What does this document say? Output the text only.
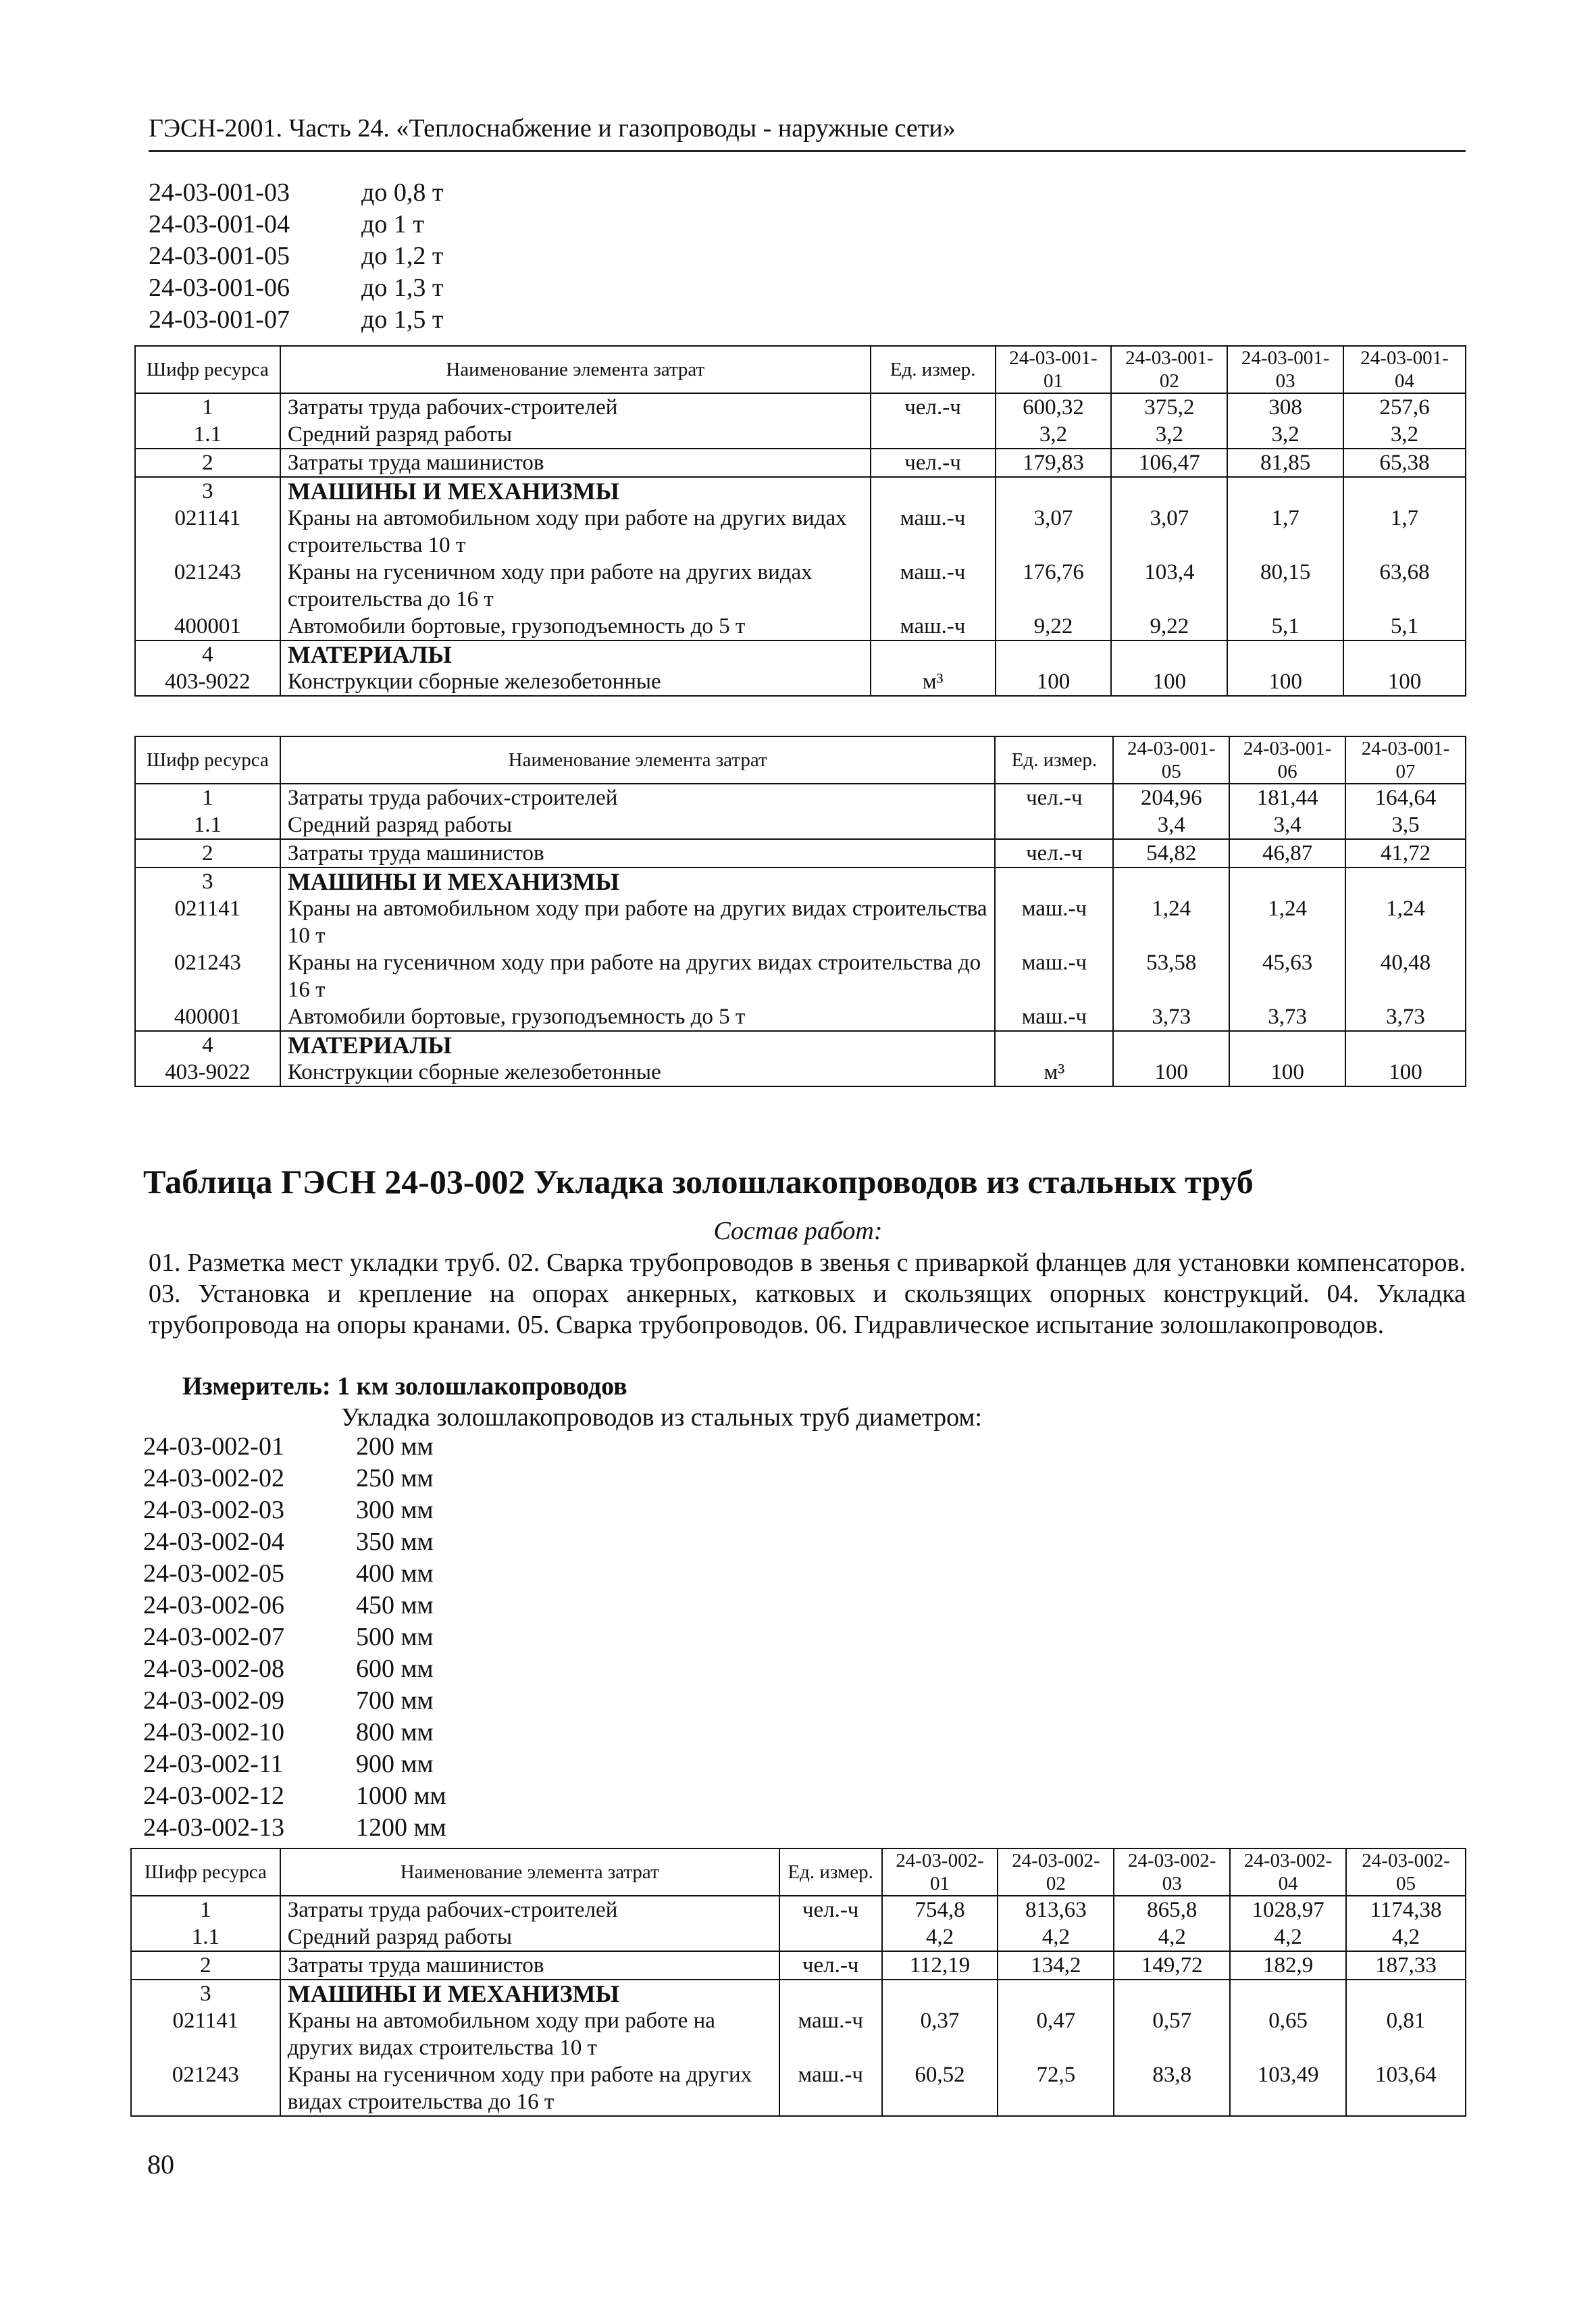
ГЭСН-2001. Часть 24. «Теплоснабжение и газопроводы - наружные сети»
24-03-001-03	до 0,8 т
24-03-001-04	до 1 т
24-03-001-05	до 1,2 т
24-03-001-06	до 1,3 т
24-03-001-07	до 1,5 т
Шифр ресурса	Наименование элемента затрат	Ед. измер.	24-03-001-01	24-03-001-02	24-03-001-03	24-03-001-04
1	Затраты труда рабочих-строителей	чел.-ч	600,32	375,2	308	257,6
1.1	Средний разряд работы		3,2	3,2	3,2	3,2
2	Затраты труда машинистов	чел.-ч	179,83	106,47	81,85	65,38
3	МАШИНЫ И МЕХАНИЗМЫ					
021141	Краны на автомобильном ходу при работе на других видах строительства 10 т	маш.-ч	3,07	3,07	1,7	1,7
021243	Краны на гусеничном ходу при работе на других видах строительства до 16 т	маш.-ч	176,76	103,4	80,15	63,68
400001	Автомобили бортовые, грузоподъемность до 5 т	маш.-ч	9,22	9,22	5,1	5,1
4	МАТЕРИАЛЫ					
403-9022	Конструкции сборные железобетонные	м³	100	100	100	100
Шифр ресурса	Наименование элемента затрат	Ед. измер.	24-03-001-05	24-03-001-06	24-03-001-07
1	Затраты труда рабочих-строителей	чел.-ч	204,96	181,44	164,64
1.1	Средний разряд работы		3,4	3,4	3,5
2	Затраты труда машинистов	чел.-ч	54,82	46,87	41,72
3	МАШИНЫ И МЕХАНИЗМЫ				
021141	Краны на автомобильном ходу при работе на других видах строительства 10 т	маш.-ч	1,24	1,24	1,24
021243	Краны на гусеничном ходу при работе на других видах строительства до 16 т	маш.-ч	53,58	45,63	40,48
400001	Автомобили бортовые, грузоподъемность до 5 т	маш.-ч	3,73	3,73	3,73
4	МАТЕРИАЛЫ				
403-9022	Конструкции сборные железобетонные	м³	100	100	100
Таблица ГЭСН 24-03-002 Укладка золошлакопроводов из стальных труб
Состав работ:
01. Разметка мест укладки труб. 02. Сварка трубопроводов в звенья с приваркой фланцев для установки компенсаторов. 03. Установка и крепление на опорах анкерных, катковых и скользящих опорных конструкций. 04. Укладка трубопровода на опоры кранами. 05. Сварка трубопроводов. 06. Гидравлическое испытание золошлакопроводов.
Измеритель: 1 км золошлакопроводов
Укладка золошлакопроводов из стальных труб диаметром:
24-03-002-01	200 мм
24-03-002-02	250 мм
24-03-002-03	300 мм
24-03-002-04	350 мм
24-03-002-05	400 мм
24-03-002-06	450 мм
24-03-002-07	500 мм
24-03-002-08	600 мм
24-03-002-09	700 мм
24-03-002-10	800 мм
24-03-002-11	900 мм
24-03-002-12	1000 мм
24-03-002-13	1200 мм
Шифр ресурса	Наименование элемента затрат	Ед. измер.	24-03-002-01	24-03-002-02	24-03-002-03	24-03-002-04	24-03-002-05
1	Затраты труда рабочих-строителей	чел.-ч	754,8	813,63	865,8	1028,97	1174,38
1.1	Средний разряд работы		4,2	4,2	4,2	4,2	4,2
2	Затраты труда машинистов	чел.-ч	112,19	134,2	149,72	182,9	187,33
3	МАШИНЫ И МЕХАНИЗМЫ						
021141	Краны на автомобильном ходу при работе на других видах строительства 10 т	маш.-ч	0,37	0,47	0,57	0,65	0,81
021243	Краны на гусеничном ходу при работе на других видах строительства до 16 т	маш.-ч	60,52	72,5	83,8	103,49	103,64
80
